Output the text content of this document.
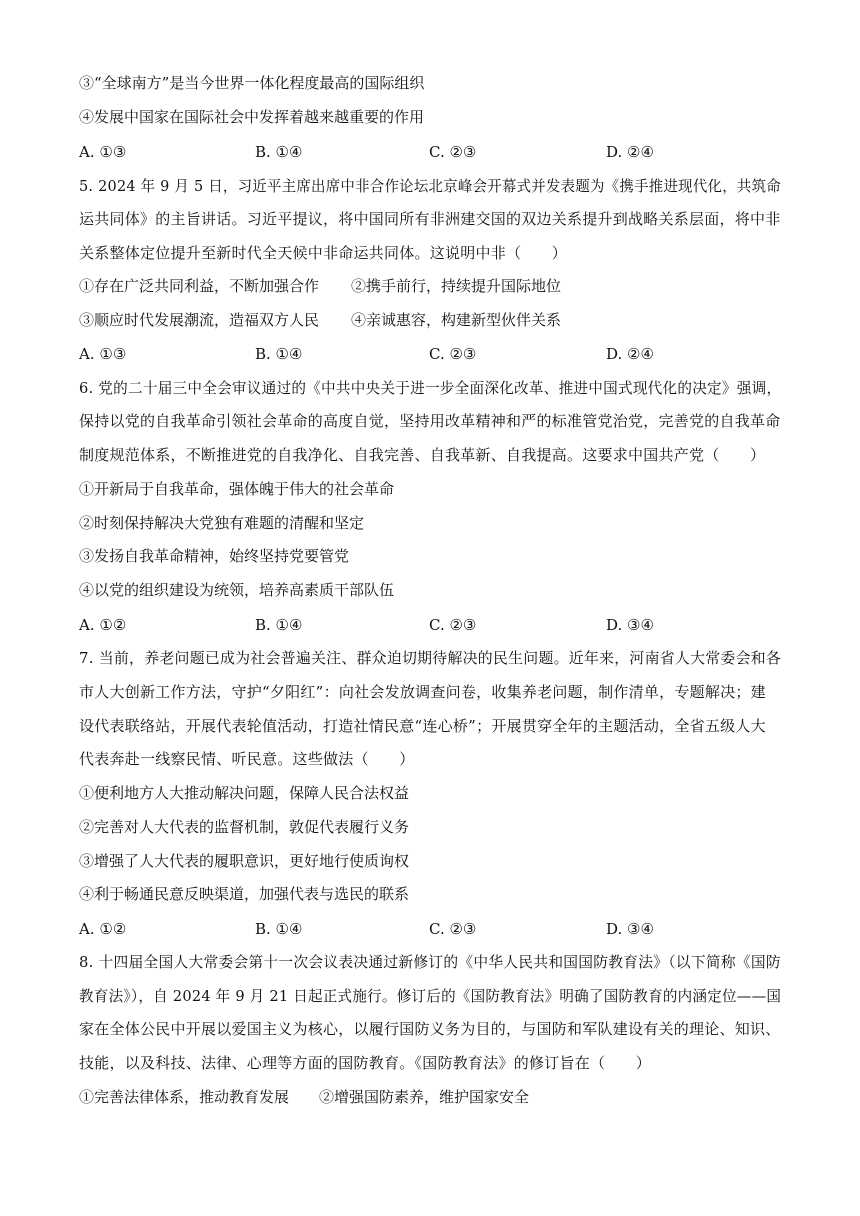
③“全球南方”是当今世界一体化程度最高的国际组织
④发展中国家在国际社会中发挥着越来越重要的作用
A. ①③	B. ①④	C. ②③	D. ②④
5. 2024 年 9 月 5 日，习近平主席出席中非合作论坛北京峰会开幕式并发表题为《携手推进现代化，共筑命
运共同体》的主旨讲话。习近平提议，将中国同所有非洲建交国的双边关系提升到战略关系层面，将中非
关系整体定位提升至新时代全天候中非命运共同体。这说明中非（　　）
①存在广泛共同利益，不断加强合作 ②携手前行，持续提升国际地位
③顺应时代发展潮流，造福双方人民 ④亲诚惠容，构建新型伙伴关系
A. ①③	B. ①④	C. ②③	D. ②④
6. 党的二十届三中全会审议通过的《中共中央关于进一步全面深化改革、推进中国式现代化的决定》强调，
保持以党的自我革命引领社会革命的高度自觉，坚持用改革精神和严的标准管党治党，完善党的自我革命
制度规范体系，不断推进党的自我净化、自我完善、自我革新、自我提高。这要求中国共产党（　　）
①开新局于自我革命，强体魄于伟大的社会革命
②时刻保持解决大党独有难题的清醒和坚定
③发扬自我革命精神，始终坚持党要管党
④以党的组织建设为统领，培养高素质干部队伍
A. ①②	B. ①④	C. ②③	D. ③④
7. 当前，养老问题已成为社会普遍关注、群众迫切期待解决的民生问题。近年来，河南省人大常委会和各
市人大创新工作方法，守护“夕阳红”：向社会发放调查问卷，收集养老问题，制作清单，专题解决；建
设代表联络站，开展代表轮值活动，打造社情民意“连心桥”；开展贯穿全年的主题活动，全省五级人大
代表奔赴一线察民情、听民意。这些做法（　　）
①便利地方人大推动解决问题，保障人民合法权益
②完善对人大代表的监督机制，敦促代表履行义务
③增强了人大代表的履职意识，更好地行使质询权
④利于畅通民意反映渠道，加强代表与选民的联系
A. ①②	B. ①④	C. ②③	D. ③④
8. 十四届全国人大常委会第十一次会议表决通过新修订的《中华人民共和国国防教育法》（以下简称《国防
教育法》），自 2024 年 9 月 21 日起正式施行。修订后的《国防教育法》明确了国防教育的内涵定位——国
家在全体公民中开展以爱国主义为核心，以履行国防义务为目的，与国防和军队建设有关的理论、知识、
技能，以及科技、法律、心理等方面的国防教育。《国防教育法》的修订旨在（　　）
①完善法律体系，推动教育发展 ②增强国防素养，维护国家安全
